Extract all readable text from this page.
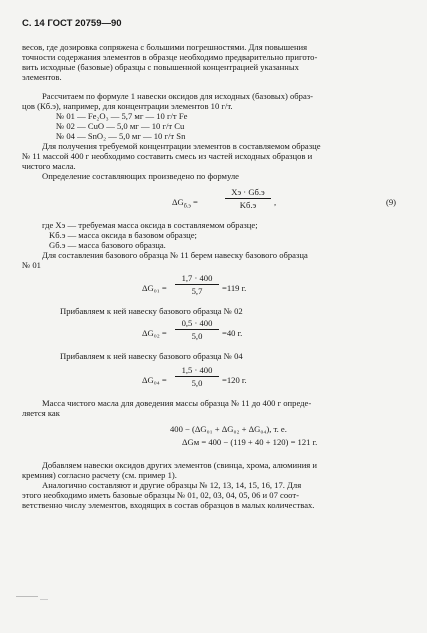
С. 14 ГОСТ 20759—90
весов, где дозировка сопряжена с большими погрешностями. Для повышения
точности содержания элементов в образце необходимо предварительно пригото-
вить исходные (базовые) образцы с повышенной концентрацией указанных
элементов.
Рассчитаем по формуле 1 навески оксидов для исходных (базовых) образ-
цов (Кб.э), например, для концентрации элементов 10 г/т.
№ 01 — Fe₂O₃ — 5,7 мг — 10 г/т Fe
№ 02 — CuO — 5,0 мг — 10 г/т Cu
№ 04 — SnO₂ — 5,0 мг — 10 г/т Sn
Для получения требуемой концентрации элементов в составляемом образце
№ 11 массой 400 г необходимо составить смесь из частей исходных образцов и
чистого масла.
Определение составляющих произведено по формуле
$\Delta G_{б.э}$ =
Xэ · Gб.э
Kб.э	,	(9)
где Xэ — требуемая масса оксида в составляемом образце;
Kб.э — масса оксида в базовом образце;
Gб.э — масса базового образца.
Для составления базового образца № 11 берем навеску базового образца
№ 01
$\Delta G_{01} = \frac{1,7 \cdot 400}{5,7} =119$ г.
Прибавляем к ней навеску базового образца № 02
$\Delta G_{02} = \frac{0,5 \cdot 400}{5,0} =40$ г.
Прибавляем к ней навеску базового образца № 04
$\Delta G_{04} = \frac{1,5 \cdot 400}{5,0} =120$ г.
Масса чистого масла для доведения массы образца № 11 до 400 г опреде-
ляется как
400 − (ΔG₀₁ + ΔG₀₂ + ΔG₀₄), т. е.
ΔGм = 400 − (119 + 40 + 120) = 121 г.
Добавляем навески оксидов других элементов (свинца, хрома, алюминия и
кремния) согласно расчету (см. пример 1).
Аналогично составляют и другие образцы № 12, 13, 14, 15, 16, 17. Для
этого необходимо иметь базовые образцы № 01, 02, 03, 04, 05, 06 и 07 соот-
ветственно числу элементов, входящих в состав образцов в малых количествах.
